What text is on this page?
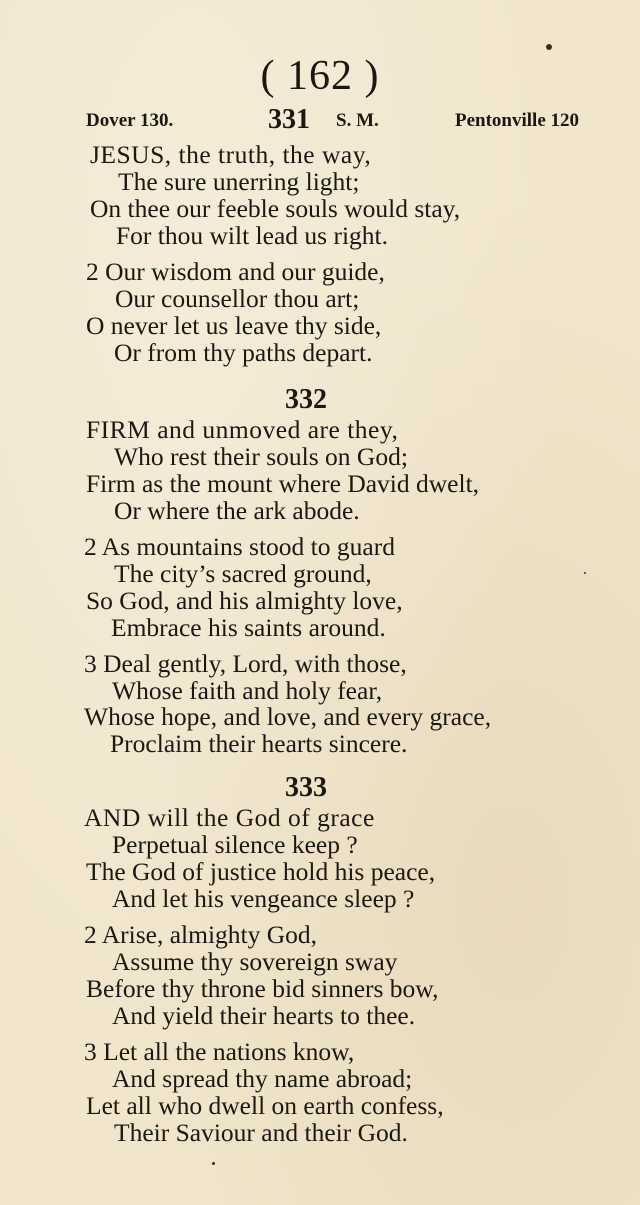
( 162 )
Dover 130.	331 S. M.	Pentonville 120
JESUS, the truth, the way,
The sure unerring light;
On thee our feeble souls would stay,
For thou wilt lead us right.
2 Our wisdom and our guide,
Our counsellor thou art;
O never let us leave thy side,
Or from thy paths depart.
332
FIRM and unmoved are they,
Who rest their souls on God;
Firm as the mount where David dwelt,
Or where the ark abode.
2 As mountains stood to guard
The city’s sacred ground,
So God, and his almighty love,
Embrace his saints around.
3 Deal gently, Lord, with those,
Whose faith and holy fear,
Whose hope, and love, and every grace,
Proclaim their hearts sincere.
333
AND will the God of grace
Perpetual silence keep ?
The God of justice hold his peace,
And let his vengeance sleep ?
2 Arise, almighty God,
Assume thy sovereign sway
Before thy throne bid sinners bow,
And yield their hearts to thee.
3 Let all the nations know,
And spread thy name abroad;
Let all who dwell on earth confess,
Their Saviour and their God.
